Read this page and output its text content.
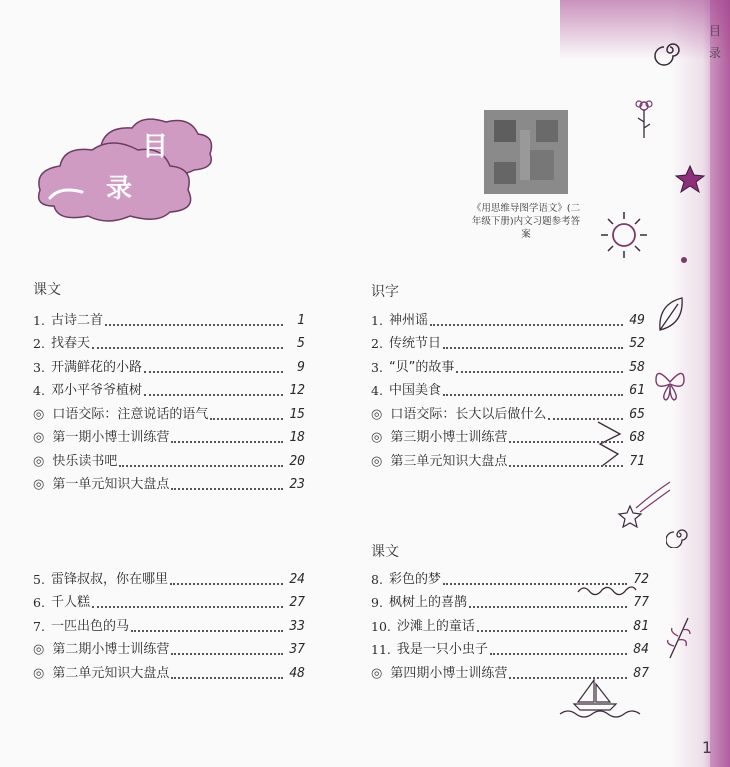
目
录
《用思维导图学语文》(二年级下册)内文习题参考答案
目
录
课文
1. 古诗二首	1
2. 找春天	5
3. 开满鲜花的小路	9
4. 邓小平爷爷植树	12
◎ 口语交际：注意说话的语气	15
◎ 第一期小博士训练营	18
◎ 快乐读书吧	20
◎ 第一单元知识大盘点	23
5. 雷锋叔叔，你在哪里	24
6. 千人糕	27
7. 一匹出色的马	33
◎ 第二期小博士训练营	37
◎ 第二单元知识大盘点	48
识字
1. 神州谣	49
2. 传统节日	52
3. “贝”的故事	58
4. 中国美食	61
◎ 口语交际：长大以后做什么	65
◎ 第三期小博士训练营	68
◎ 第三单元知识大盘点	71
课文
8. 彩色的梦	72
9. 枫树上的喜鹊	77
10. 沙滩上的童话	81
11. 我是一只小虫子	84
◎ 第四期小博士训练营	87
1
